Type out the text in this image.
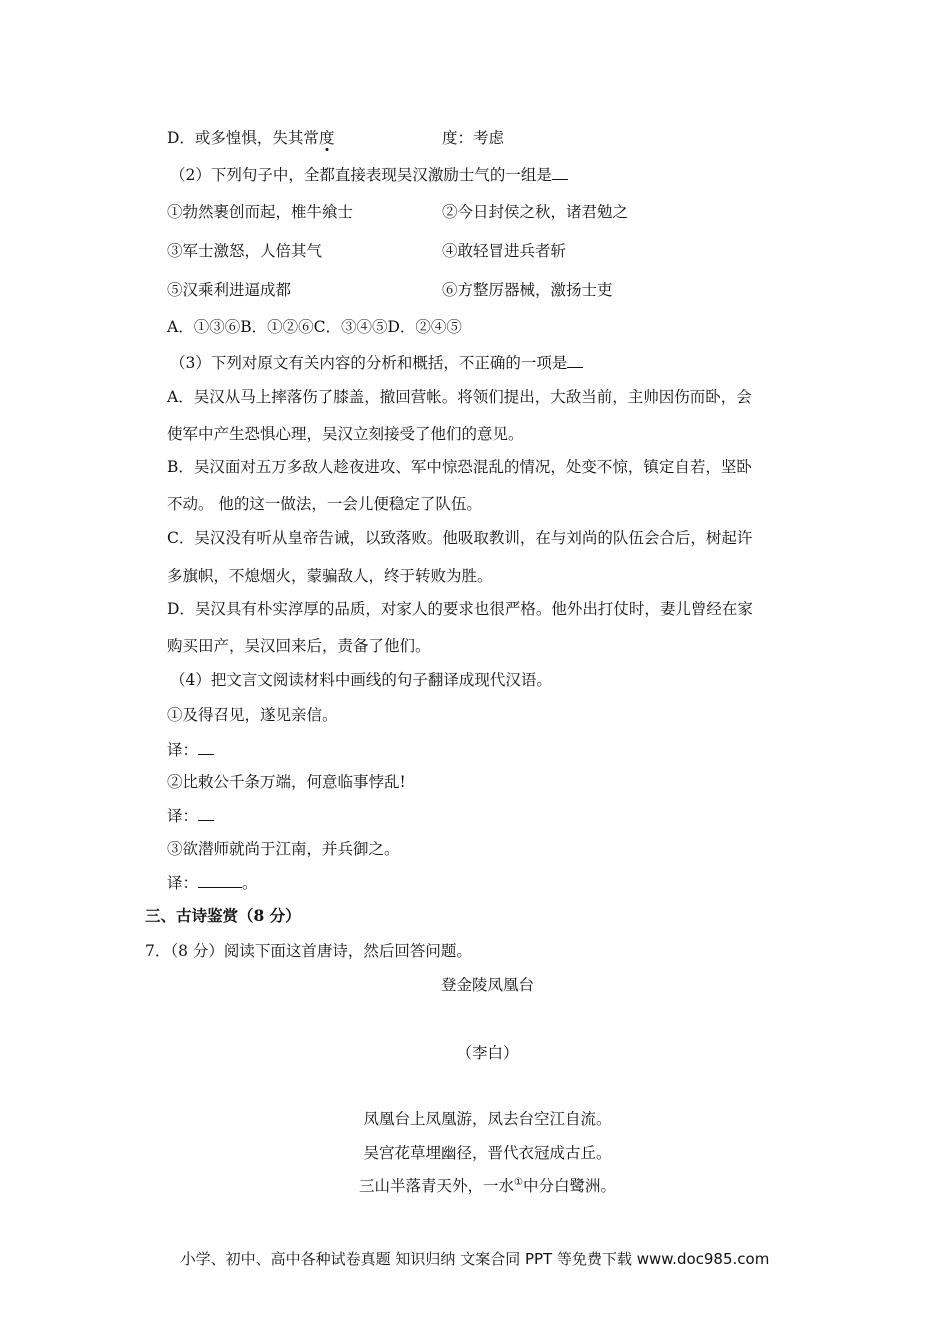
D．或多惶惧，失其常度	度：考虑
（2）下列句子中，全都直接表现吴汉激励士气的一组是
①勃然裹创而起，椎牛飨士	②今日封侯之秋，诸君勉之
③军士激怒，人倍其气	④敢轻冒进兵者斩
⑤汉乘利进逼成都	⑥方整厉器械，激扬士吏
A．①③⑥B．①②⑥C．③④⑤D．②④⑤
（3）下列对原文有关内容的分析和概括，不正确的一项是
A．吴汉从马上摔落伤了膝盖，撤回营帐。将领们提出，大敌当前，主帅因伤而卧，会
使军中产生恐惧心理，吴汉立刻接受了他们的意见。
B．吴汉面对五万多敌人趁夜进攻、军中惊恐混乱的情况，处变不惊，镇定自若，坚卧
不动。 他的这一做法，一会儿便稳定了队伍。
C．吴汉没有听从皇帝告诫，以致落败。他吸取教训，在与刘尚的队伍会合后，树起许
多旗帜，不熄烟火，蒙骗敌人，终于转败为胜。
D．吴汉具有朴实淳厚的品质，对家人的要求也很严格。他外出打仗时，妻儿曾经在家
购买田产，吴汉回来后，责备了他们。
（4）把文言文阅读材料中画线的句子翻译成现代汉语。
①及得召见，遂见亲信。
译：
②比敕公千条万端，何意临事悖乱!
译：
③欲潜师就尚于江南，并兵御之。
译：	。
三、古诗鉴赏（8 分）
7．（8 分）阅读下面这首唐诗，然后回答问题。
登金陵凤凰台
（李白）
凤凰台上凤凰游，凤去台空江自流。
吴宫花草埋幽径，晋代衣冠成古丘。
三山半落青天外，一水①中分白鹭洲。
小学、初中、高中各种试卷真题 知识归纳 文案合同 PPT 等免费下载 www.doc985.com
